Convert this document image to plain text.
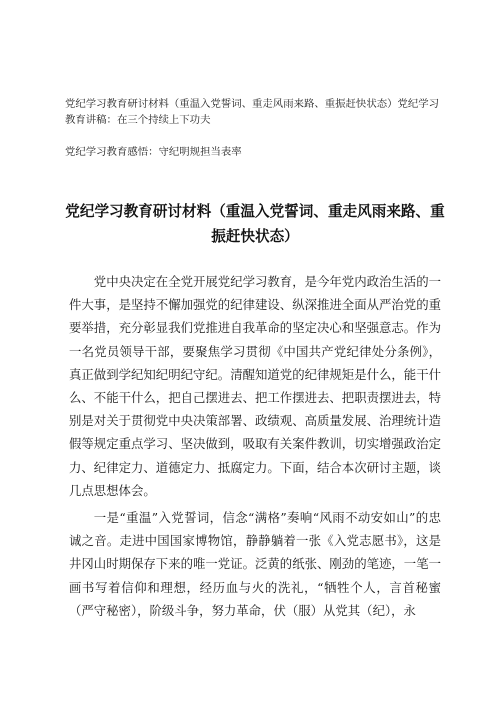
党纪学习教育研讨材料（重温入党誓词、重走风雨来路、重振赶快状态）党纪学习教育讲稿：在三个持续上下功夫

党纪学习教育感悟：守纪明规担当表率

党纪学习教育研讨材料（重温入党誓词、重走风雨来路、重振赶快状态）

党中央决定在全党开展党纪学习教育，是今年党内政治生活的一件大事，是坚持不懈加强党的纪律建设、纵深推进全面从严治党的重要举措，充分彰显我们党推进自我革命的坚定决心和坚强意志。作为一名党员领导干部，要聚焦学习贯彻《中国共产党纪律处分条例》，真正做到学纪知纪明纪守纪。清醒知道党的纪律规矩是什么，能干什么、不能干什么，把自己摆进去、把工作摆进去、把职责摆进去，特别是对关于贯彻党中央决策部署、政绩观、高质量发展、治理统计造假等规定重点学习、坚决做到，吸取有关案件教训，切实增强政治定力、纪律定力、道德定力、抵腐定力。下面，结合本次研讨主题，谈几点思想体会。

一是“重温”入党誓词，信念“满格”奏响“风雨不动安如山”的忠诚之音。走进中国国家博物馆，静静躺着一张《入党志愿书》，这是井冈山时期保存下来的唯一党证。泛黄的纸张、刚劲的笔迹，一笔一画书写着信仰和理想，经历血与火的洗礼，“牺牲个人，言首秘蜜（严守秘密），阶级斗争，努力革命，伏（服）从党其（纪），永
